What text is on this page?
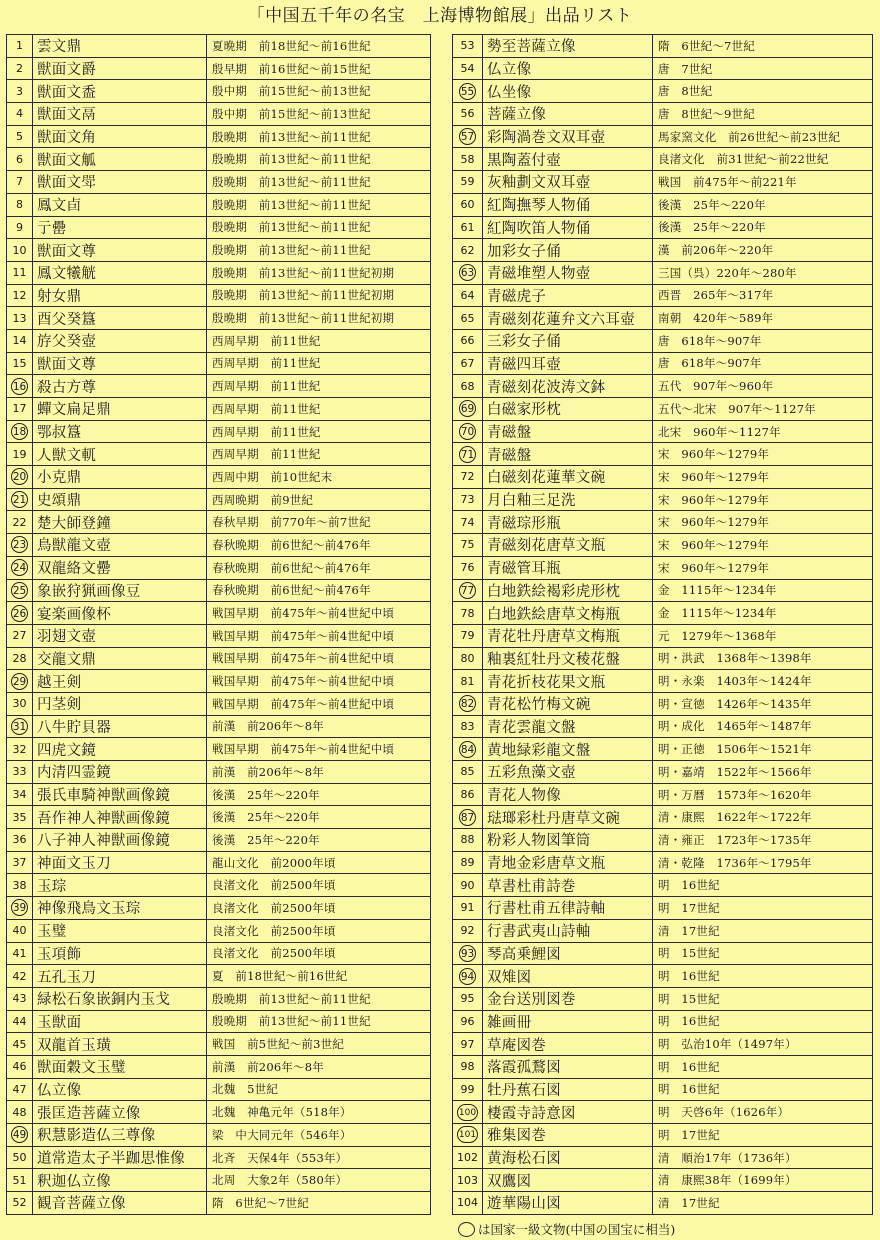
「中国五千年の名宝　上海博物館展」出品リスト
1	雲文鼎	夏晩期　前18世紀〜前16世紀
2	獣面文爵	殷早期　前16世紀〜前15世紀
3	獣面文盉	殷中期　前15世紀〜前13世紀
4	獣面文鬲	殷中期　前15世紀〜前13世紀
5	獣面文角	殷晩期　前13世紀〜前11世紀
6	獣面文觚	殷晩期　前13世紀〜前11世紀
7	獣面文斝	殷晩期　前13世紀〜前11世紀
8	鳳文卣	殷晩期　前13世紀〜前11世紀
9	亍罍	殷晩期　前13世紀〜前11世紀
10	獣面文尊	殷晩期　前13世紀〜前11世紀
11	鳳文犧觥	殷晩期　前13世紀〜前11世紀初期
12	射女鼎	殷晩期　前13世紀〜前11世紀初期
13	酉父癸簋	殷晩期　前13世紀〜前11世紀初期
14	斿父癸壺	西周早期　前11世紀
15	獣面文尊	西周早期　前11世紀
16	殺古方尊	西周早期　前11世紀
17	蟬文扁足鼎	西周早期　前11世紀
18	鄂叔簋	西周早期　前11世紀
19	人獣文軏	西周早期　前11世紀
20	小克鼎	西周中期　前10世紀末
21	史頌鼎	西周晩期　前9世紀
22	楚大師登鐘	春秋早期　前770年〜前7世紀
23	鳥獣龍文壺	春秋晩期　前6世紀〜前476年
24	双龍絡文罍	春秋晩期　前6世紀〜前476年
25	象嵌狩猟画像豆	春秋晩期　前6世紀〜前476年
26	宴楽画像杯	戦国早期　前475年〜前4世紀中頃
27	羽翅文壺	戦国早期　前475年〜前4世紀中頃
28	交龍文鼎	戦国早期　前475年〜前4世紀中頃
29	越王剣	戦国早期　前475年〜前4世紀中頃
30	円茎剣	戦国早期　前475年〜前4世紀中頃
31	八牛貯貝器	前漢　前206年〜8年
32	四虎文鏡	戦国早期　前475年〜前4世紀中頃
33	内清四霊鏡	前漢　前206年〜8年
34	張氏車騎神獣画像鏡	後漢　25年〜220年
35	吾作神人神獣画像鏡	後漢　25年〜220年
36	八子神人神獣画像鏡	後漢　25年〜220年
37	神面文玉刀	龍山文化　前2000年頃
38	玉琮	良渚文化　前2500年頃
39	神像飛鳥文玉琮	良渚文化　前2500年頃
40	玉璧	良渚文化　前2500年頃
41	玉項飾	良渚文化　前2500年頃
42	五孔玉刀	夏　前18世紀〜前16世紀
43	緑松石象嵌銅内玉戈	殷晩期　前13世紀〜前11世紀
44	玉獣面	殷晩期　前13世紀〜前11世紀
45	双龍首玉璜	戦国　前5世紀〜前3世紀
46	獣面穀文玉璧	前漢　前206年〜8年
47	仏立像	北魏　5世紀
48	張匡造菩薩立像	北魏　神亀元年（518年）
49	釈慧影造仏三尊像	梁　中大同元年（546年）
50	道常造太子半跏思惟像	北斉　天保4年（553年）
51	釈迦仏立像	北周　大象2年（580年）
52	観音菩薩立像	隋　6世紀〜7世紀
53	勢至菩薩立像	隋　6世紀〜7世紀
54	仏立像	唐　7世紀
55	仏坐像	唐　8世紀
56	菩薩立像	唐　8世紀〜9世紀
57	彩陶渦巻文双耳壺	馬家窯文化　前26世紀〜前23世紀
58	黒陶蓋付壺	良渚文化　前31世紀〜前22世紀
59	灰釉劃文双耳壺	戦国　前475年〜前221年
60	紅陶撫琴人物俑	後漢　25年〜220年
61	紅陶吹笛人物俑	後漢　25年〜220年
62	加彩女子俑	漢　前206年〜220年
63	青磁堆塑人物壺	三国（呉）220年〜280年
64	青磁虎子	西晋　265年〜317年
65	青磁刻花蓮弁文六耳壺	南朝　420年〜589年
66	三彩女子俑	唐　618年〜907年
67	青磁四耳壺	唐　618年〜907年
68	青磁刻花波涛文鉢	五代　907年〜960年
69	白磁家形枕	五代〜北宋　907年〜1127年
70	青磁盤	北宋　960年〜1127年
71	青磁盤	宋　960年〜1279年
72	白磁刻花蓮華文碗	宋　960年〜1279年
73	月白釉三足洗	宋　960年〜1279年
74	青磁琮形瓶	宋　960年〜1279年
75	青磁刻花唐草文瓶	宋　960年〜1279年
76	青磁管耳瓶	宋　960年〜1279年
77	白地鉄絵褐彩虎形枕	金　1115年〜1234年
78	白地鉄絵唐草文梅瓶	金　1115年〜1234年
79	青花牡丹唐草文梅瓶	元　1279年〜1368年
80	釉裏紅牡丹文稜花盤	明・洪武　1368年〜1398年
81	青花折枝花果文瓶	明・永楽　1403年〜1424年
82	青花松竹梅文碗	明・宣徳　1426年〜1435年
83	青花雲龍文盤	明・成化　1465年〜1487年
84	黄地緑彩龍文盤	明・正徳　1506年〜1521年
85	五彩魚藻文壺	明・嘉靖　1522年〜1566年
86	青花人物像	明・万暦　1573年〜1620年
87	琺瑯彩杜丹唐草文碗	清・康熙　1622年〜1722年
88	粉彩人物図筆筒	清・雍正　1723年〜1735年
89	青地金彩唐草文瓶	清・乾隆　1736年〜1795年
90	草書杜甫詩巻	明　16世紀
91	行書杜甫五律詩軸	明　17世紀
92	行書武夷山詩軸	清　17世紀
93	琴高乗鯉図	明　15世紀
94	双雉図	明　16世紀
95	金台送別図巻	明　15世紀
96	雑画冊	明　16世紀
97	草庵図巻	明　弘治10年（1497年）
98	落霞孤鶩図	明　16世紀
99	牡丹蕉石図	明　16世紀
100	棲霞寺詩意図	明　天啓6年（1626年）
101	雅集図巻	明　17世紀
102	黄海松石図	清　順治17年（1736年）
103	双鷹図	清　康熙38年（1699年）
104	遊華陽山図	清　17世紀
は国家一級文物(中国の国宝に相当)
